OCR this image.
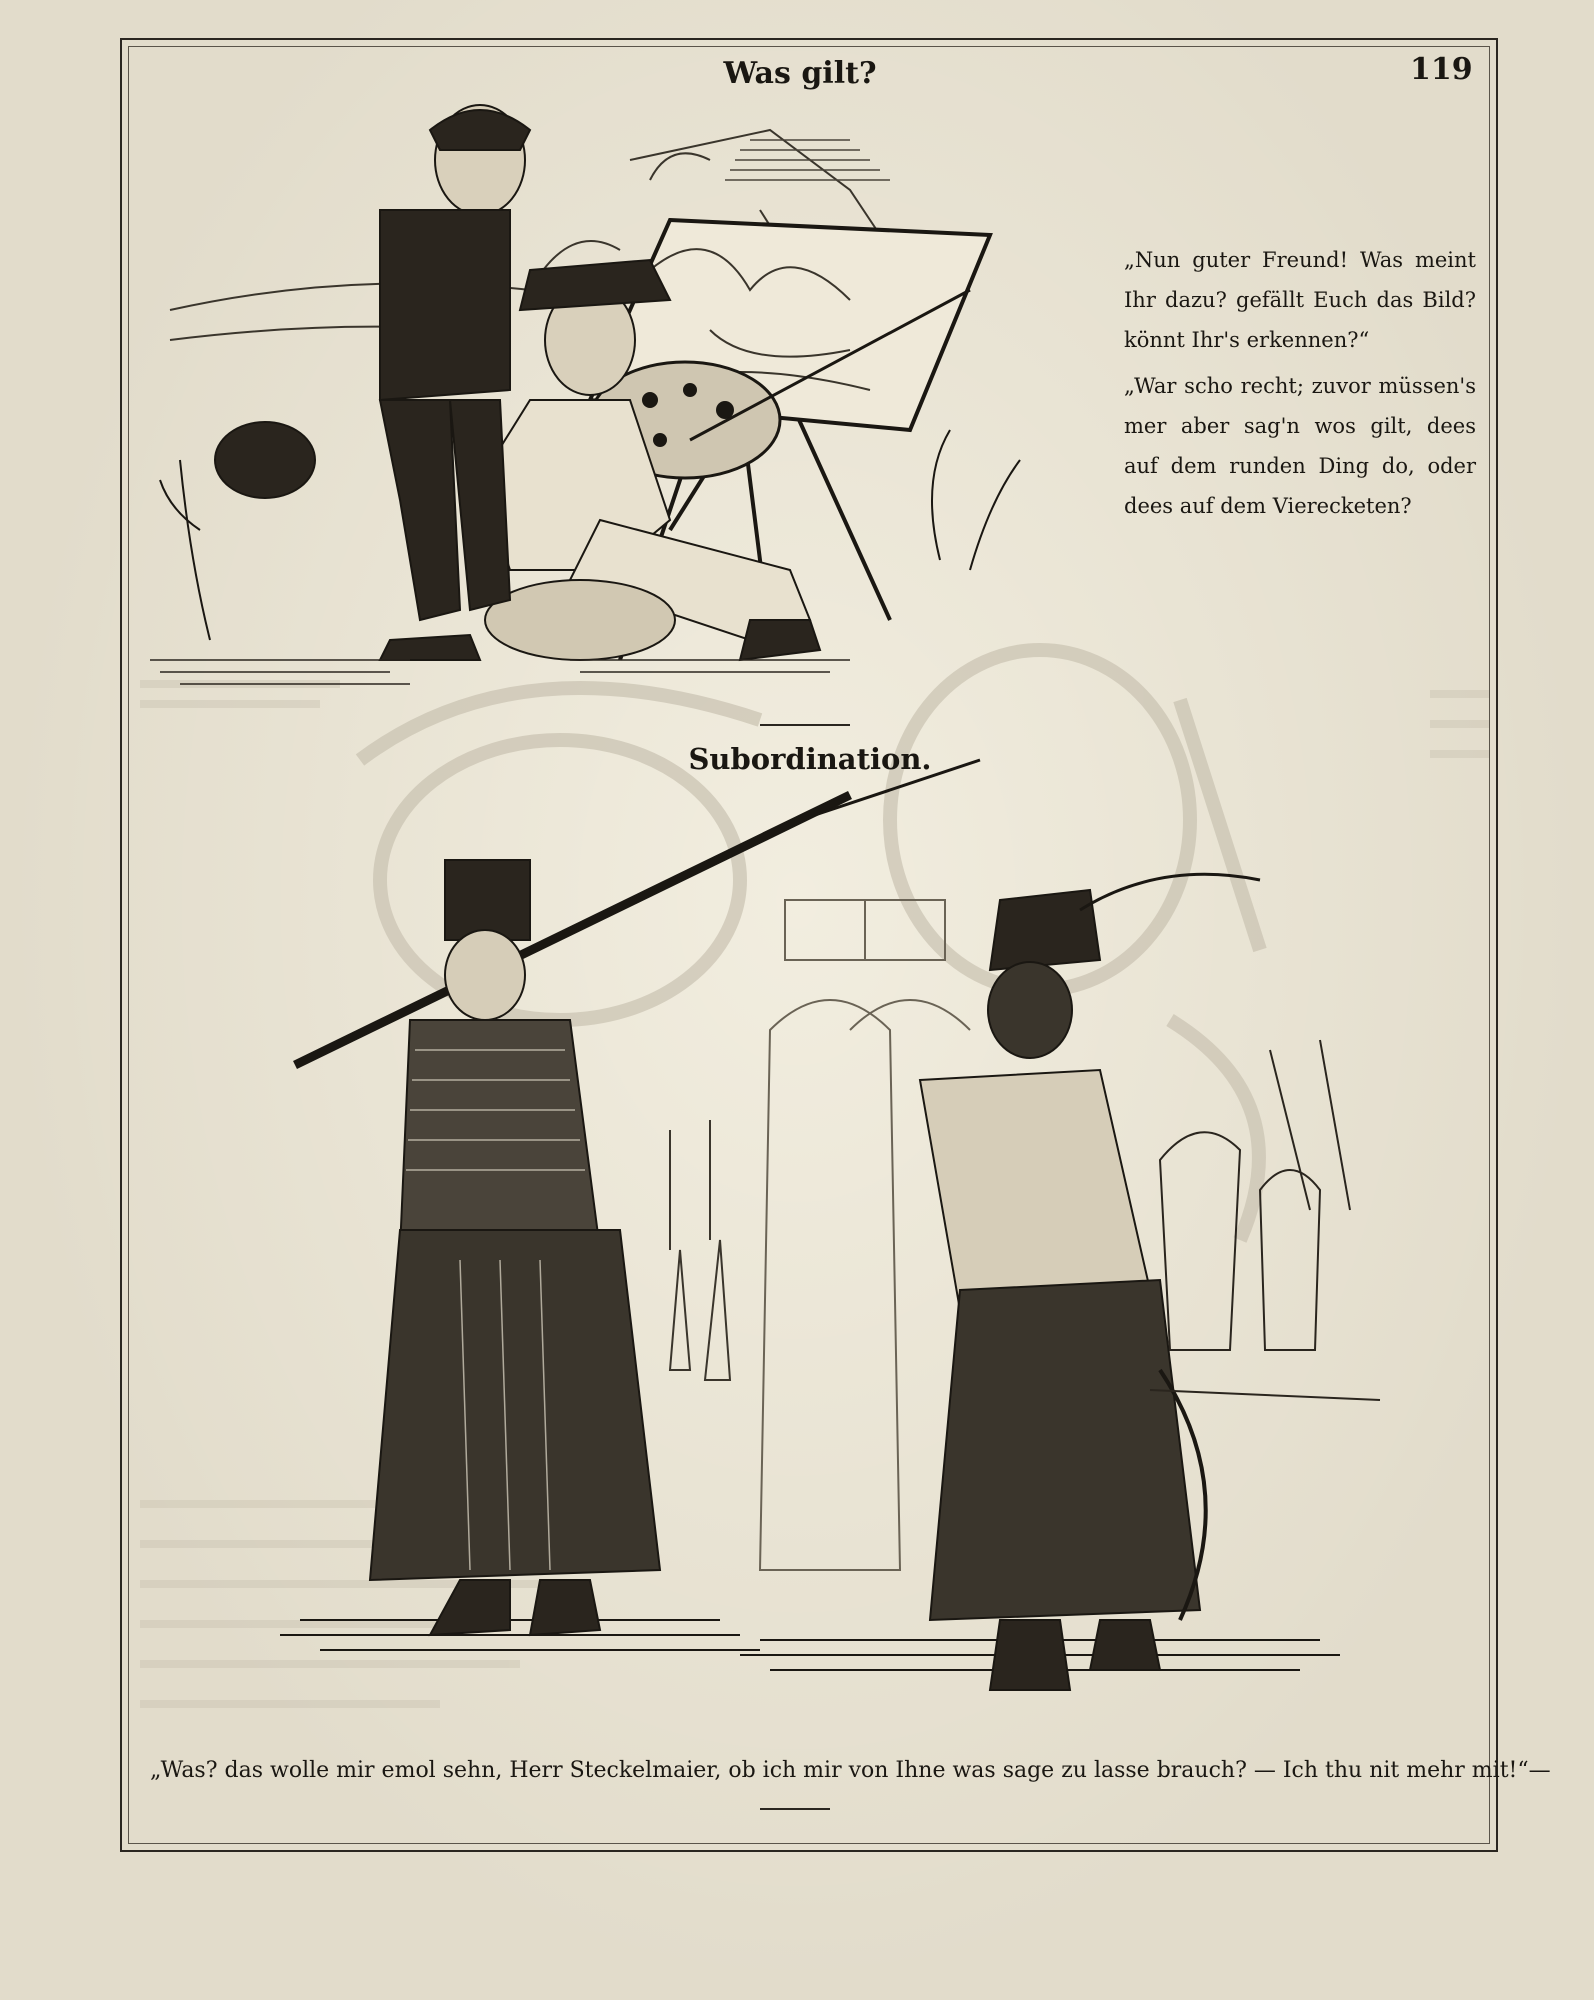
Was gilt?	119

„Nun guter Freund! Was meint Ihr dazu? gefällt Euch das Bild? könnt Ihr's erkennen?“

„War scho recht; zuvor müssen's mer aber sag'n wos gilt, dees auf dem runden Ding do, oder dees auf dem Vierecketen?

Subordination.
„Was? das wolle mir emol sehn, Herr Steckelmaier, ob ich mir von Ihne was sage zu lasse brauch? — Ich thu nit mehr mit!“—
